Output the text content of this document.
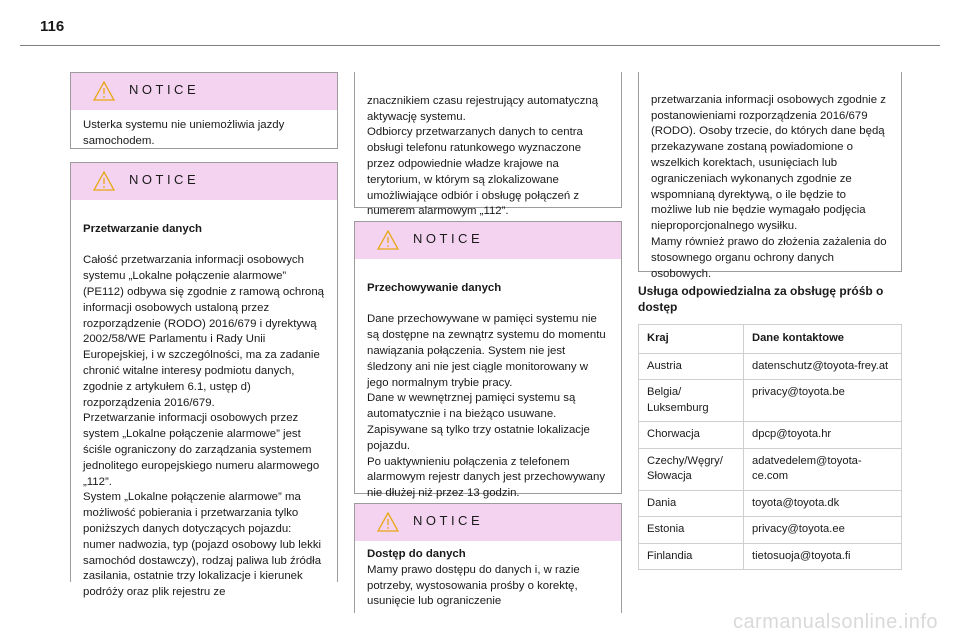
116
NOTICE

Usterka systemu nie uniemożliwia jazdy samochodem.

NOTICE

Przetwarzanie danych

Całość przetwarzania informacji osobowych systemu „Lokalne połączenie alarmowe” (PE112) odbywa się zgodnie z ramową ochroną informacji osobowych ustaloną przez rozporządzenie (RODO) 2016/679 i dyrektywą 2002/58/WE Parlamentu i Rady Unii Europejskiej, i w szczególności, ma za zadanie chronić witalne interesy podmiotu danych, zgodnie z artykułem 6.1, ustęp d) rozporządzenia 2016/679.
Przetwarzanie informacji osobowych przez system „Lokalne połączenie alarmowe” jest ściśle ograniczony do zarządzania systemem jednolitego europejskiego numeru alarmowego „112”.
System „Lokalne połączenie alarmowe” ma możliwość pobierania i przetwarzania tylko poniższych danych dotyczących pojazdu: numer nadwozia, typ (pojazd osobowy lub lekki samochód dostawczy), rodzaj paliwa lub źródła zasilania, ostatnie trzy lokalizacje i kierunek podróży oraz plik rejestru ze

znacznikiem czasu rejestrujący automatyczną aktywację systemu.
Odbiorcy przetwarzanych danych to centra obsługi telefonu ratunkowego wyznaczone przez odpowiednie władze krajowe na terytorium, w którym są zlokalizowane umożliwiające odbiór i obsługę połączeń z numerem alarmowym „112”.

NOTICE

Przechowywanie danych

Dane przechowywane w pamięci systemu nie są dostępne na zewnątrz systemu do momentu nawiązania połączenia. System nie jest śledzony ani nie jest ciągle monitorowany w jego normalnym trybie pracy.
Dane w wewnętrznej pamięci systemu są automatycznie i na bieżąco usuwane. Zapisywane są tylko trzy ostatnie lokalizacje pojazdu.
Po uaktywnieniu połączenia z telefonem alarmowym rejestr danych jest przechowywany nie dłużej niż przez 13 godzin.

NOTICE

Dostęp do danych

Mamy prawo dostępu do danych i, w razie potrzeby, wystosowania prośby o korektę, usunięcie lub ograniczenie

przetwarzania informacji osobowych zgodnie z postanowieniami rozporządzenia 2016/679 (RODO). Osoby trzecie, do których dane będą przekazywane zostaną powiadomione o wszelkich korektach, usunięciach lub ograniczeniach wykonanych zgodnie ze wspomnianą dyrektywą, o ile będzie to możliwe lub nie będzie wymagało podjęcia nieproporcjonalnego wysiłku.
Mamy również prawo do złożenia zażalenia do stosownego organu ochrony danych osobowych.

Usługa odpowiedzialna za obsługę próśb o dostęp
Kraj	Dane kontaktowe
Austria	datenschutz@toyota-frey.at
Belgia/ Luksemburg	privacy@toyota.be
Chorwacja	dpcp@toyota.hr
Czechy/Węgry/ Słowacja	adatvedelem@toyota-ce.com
Dania	toyota@toyota.dk
Estonia	privacy@toyota.ee
Finlandia	tietosuoja@toyota.fi
carmanualsonline.info
